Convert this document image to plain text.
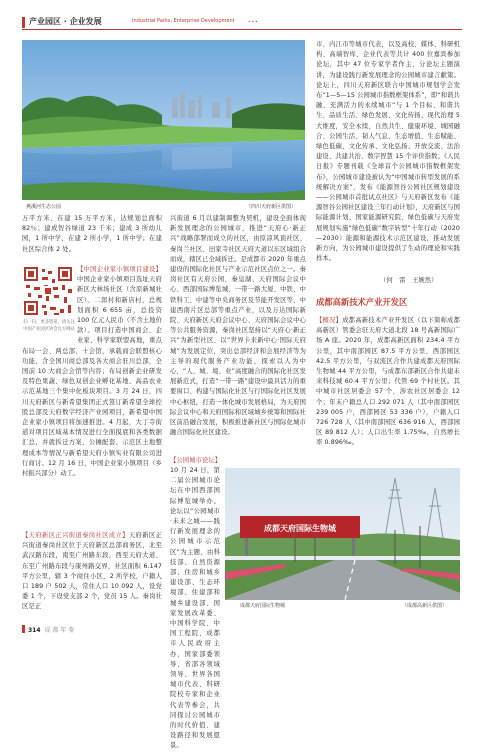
产业园区 · 企业发展	Industrial Parks, Enterprise Development	• • •
燕溪河生态公园	（四川天府新区供图）

万平方米、在建 15 万平方米，达规划总面积 82％；建成智谷绿道 23 千米；建成 3 所幼儿园，1 所中学，在建 2 所小学，1 所中学；在建社区综合体 2 处。

扫一扫，更多资讯，请关注中国产业园区协会官方网站

【中国企业家小镇项目建设】中国企业家小镇项目选址天府新区大林场社区（含原新城社区）、二郎村和新店村，总规划面积 6 655 亩，总投资 100 亿元人民币（不含土地价款）。项目打造中国商会、企业家、科学家联盟高地，重点布局一会、两总部、十会馆，承载商会联盟核心功能，含全国川商总部及各大商会驻川总部，全国前 10 大商会会馆等内容；布局创新企业研发及特色果蔬、绿色双创企业孵化基地、高品农业示范基地三个集中化板块项目。3 月 24 日，四川天府新区与新希望集团正式签订新希望全球控股总部及天府数字经济产业园项目，新希望中国企业家小镇项目将加速推进。4 月起，大丁寺街道对项目区域基本情况进行全面摸底和各类数据汇总，并就拆迁方案、公摊配套、示范区土地整理成本等情况与新希望天府小镇实业有限公司进行商讨。12 月 16 日，中国企业家小镇项目（乡村振兴部分）动工。

【天府新区正兴街道秦岗社区成立】天府新区正兴街道秦岗社区位于天府新区总部商务区，北至武汉路东段，南至广州路东段，西至天府大道、东至广州路东段与康州路交界，社区面积 6.147 平方公里，辖 3 个商住小区，2 所学校，户籍人口 189 户 502 人，常住人口 10 092 人，设党委 1 个，下设党支部 2 个，党员 15 人。秦岗社区是正

兴街道 6 月以建制调整为契机，建设全面体现新发展理念的公园城市，推进“天府心·新正兴”战略部署而成立的社区，由原凉风顶社区、秦岗兰社区、田家寺社区天府大道以东区域组合而成，辖区已全域拆迁。是成都市 2020 年重点建设的国际化社区与产业示范社区点位之一。秦岗社区有天府公园、秦皇湖、天府国际会议中心、西部国际博览城、一带一路大厦、中铁、中铁科工、中建等中央商务区及节能开发区等、中建西南片区总部等重点产业，以及万达国际新院、天府新区天府会议中心、天府国际会议中心等公共服务资源，秦岗社区坚持以“天府心·新正兴”为新型社区、以“世界卡来新中心·国际天府城”为发展定位，突出总部经济和会展经济等为主导的现代服务产业功能，探索以人为中心，“人、城、境、业”高度融合的国际化社区发展新范式，打造“一带一路”建设中最具活力的重要窗口、构建与国际化社区与行国际化社区发展中心枢纽，打造一体化城市发展格局，为天府国际会议中心和天府国际和区域城乡统筹和国际社区前沿融合发展，积极推进新社区与国际化城市融合国际化社区建设。

【公园城市论坛】

10 月 24 日，第二届公园城市论坛在中国西部国际博览城举办。论坛以“公园城市·未来之城——践行新发展理念的公园城市示范区”为主题，由科技部、自然资源部、住房和城乡建设部、生态环境部、住建部和城乡建设部、国家发展改革委、中国科学院、中国工程院、成都市人民政府主办，国家部委领导、省部各领域领导、世界各国城市代表、科研院校专家和企业代表等参会，共同探讨公园城市的时代价值、建设路径和发展愿景。

市、内江市等城市代表，以及高校、媒体、科研机构、高端智库、企业代表等共计 400 位嘉宾参加论坛，其中 47 位专家学者作主、分论坛主题演讲，为建设践行新发展理念的公园城市建言献策。论坛上，四川天府新区联合中国城市规划学会发布“1—5—15 公园城市指数框架体系”，即“和谐共融、充满活力的永续城市”与 1 个目标、和谐共生、品质生活、绿色发展、文化传扬、现代治理 5 大维度，安全永续、自然共生、健康环境、城园融合、公园生活、韧人气息、生态增值、生态赋能、绿色低碳、文化传承、文化弘扬、开放交流、法治建设、共建共治、数字智慧 15 个评价指数；《人民日报》专题刊载《全球首个公园城市指数框架发布》，公园城市建设被认为“中国城市转型发展的系统解决方案”，发布《能源智谷公园社区规划建设——公园城市首批试点社区》与天府新区发布《能源智谷公园社区建设三年行动计划》，天府新区与国际能源计划、国家能源研究院、绿色低碳与天府发展规划实施“绿色低碳“数字转型”十年行动（2020—2030）能源和能源技术示范区建设，推动发展新方向，为公园城市建设提供了生动的理论和实践样本。

（何　雷　王婉然）

成都高新技术产业开发区

【概况】成都高新技术产业开发区（以下简称成都高新区）管委会驻天府大道北段 18 号高新国际广场 A 座。2020 年，成都高新区面积 234.4 平方公里，其中南部园区 87.5 平方公里，西部园区 42.5 平方公里，与双流区合作共建成都天府国际生物城 44 平方公里，与成都东部新区合作共建未来科技城 60.4 平方公里；代管 69 个村社区。其中城市社区居委会 57 个，涉农社区居委会 12 个；年末户籍总人口 292 071 人（其中南部园区 239 005 户，西部园区 53 336 户），户籍人口 726 728 人（其中南部园区 636 916 人，西部园区 89 812 人）；人口出生率 1.75‰，自然增长率 0.896‰。

成都天府国际生物城
成都天府国际生物城	（成都高新区供图）
314 成 都 年 鉴
